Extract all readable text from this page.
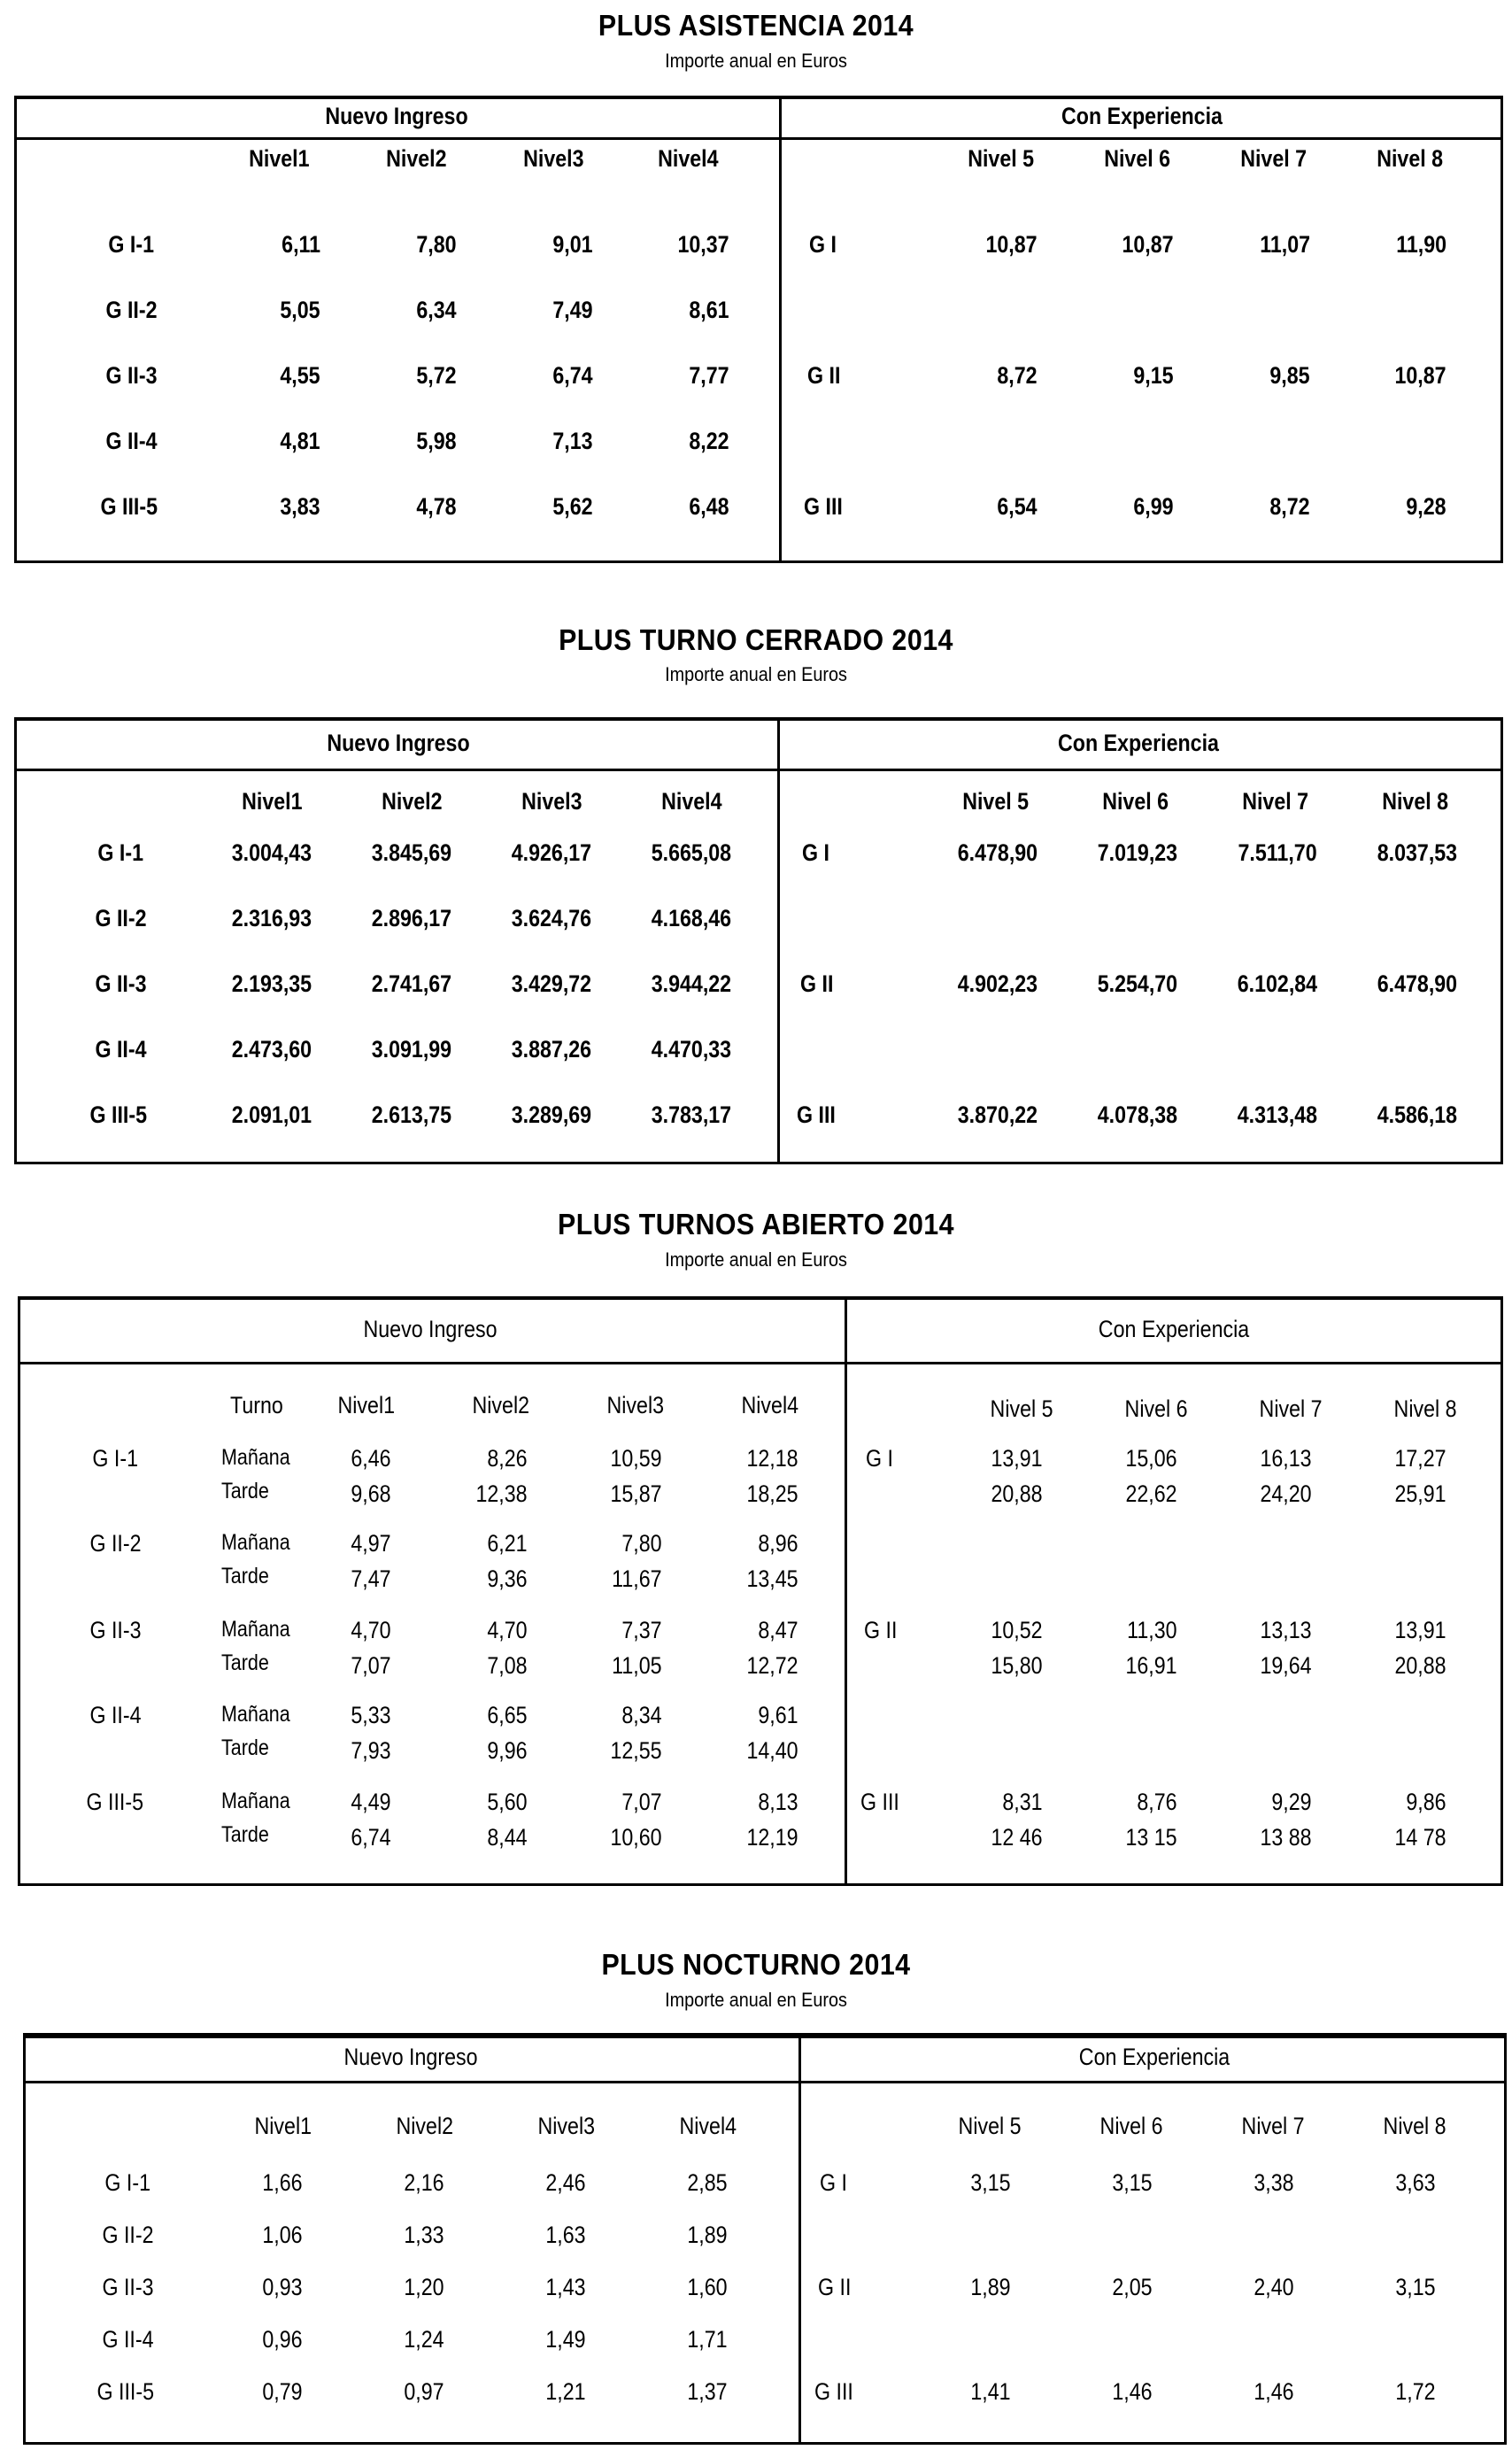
PLUS ASISTENCIA 2014
Importe anual en Euros
Nuevo Ingreso	Con Experiencia
Nivel1	Nivel2	Nivel3	Nivel4	Nivel 5	Nivel 6	Nivel 7	Nivel 8
G I-1	6,11	7,80	9,01	10,37
G II-2	5,05	6,34	7,49	8,61
G II-3	4,55	5,72	6,74	7,77
G II-4	4,81	5,98	7,13	8,22
G III-5	3,83	4,78	5,62	6,48
G I	10,87	10,87	11,07	11,90
G II	8,72	9,15	9,85	10,87
G III	6,54	6,99	8,72	9,28
PLUS TURNO CERRADO 2014
Importe anual en Euros
Nuevo Ingreso	Con Experiencia
Nivel1	Nivel2	Nivel3	Nivel4	Nivel 5	Nivel 6	Nivel 7	Nivel 8
G I-1	3.004,43	3.845,69	4.926,17	5.665,08
G II-2	2.316,93	2.896,17	3.624,76	4.168,46
G II-3	2.193,35	2.741,67	3.429,72	3.944,22
G II-4	2.473,60	3.091,99	3.887,26	4.470,33
G III-5	2.091,01	2.613,75	3.289,69	3.783,17
G I	6.478,90	7.019,23	7.511,70	8.037,53
G II	4.902,23	5.254,70	6.102,84	6.478,90
G III	3.870,22	4.078,38	4.313,48	4.586,18
PLUS TURNOS ABIERTO 2014
Importe anual en Euros
Nuevo Ingreso	Con Experiencia
Turno Nivel1	Nivel2	Nivel3	Nivel4	Nivel 5	Nivel 6	Nivel 7	Nivel 8
G I-1	Mañana	6,46	8,26	10,59	12,18
Tarde	9,68	12,38	15,87	18,25
G II-2	Mañana	4,97	6,21	7,80	8,96
Tarde	7,47	9,36	11,67	13,45
G II-3	Mañana	4,70	4,70	7,37	8,47
Tarde	7,07	7,08	11,05	12,72
G II-4	Mañana	5,33	6,65	8,34	9,61
Tarde	7,93	9,96	12,55	14,40
G III-5	Mañana	4,49	5,60	7,07	8,13
Tarde	6,74	8,44	10,60	12,19
G I	13,91	15,06	16,13	17,27
20,88	22,62	24,20	25,91
G II	10,52	11,30	13,13	13,91
15,80	16,91	19,64	20,88
G III	8,31	8,76	9,29	9,86
12 46	13 15	13 88	14 78
PLUS NOCTURNO 2014
Importe anual en Euros
Nuevo Ingreso	Con Experiencia
Nivel1	Nivel2	Nivel3	Nivel4	Nivel 5	Nivel 6	Nivel 7	Nivel 8
G I-1	1,66	2,16	2,46	2,85
G II-2	1,06	1,33	1,63	1,89
G II-3	0,93	1,20	1,43	1,60
G II-4	0,96	1,24	1,49	1,71
G III-5	0,79	0,97	1,21	1,37
G I	3,15	3,15	3,38	3,63
G II	1,89	2,05	2,40	3,15
G III	1,41	1,46	1,46	1,72
